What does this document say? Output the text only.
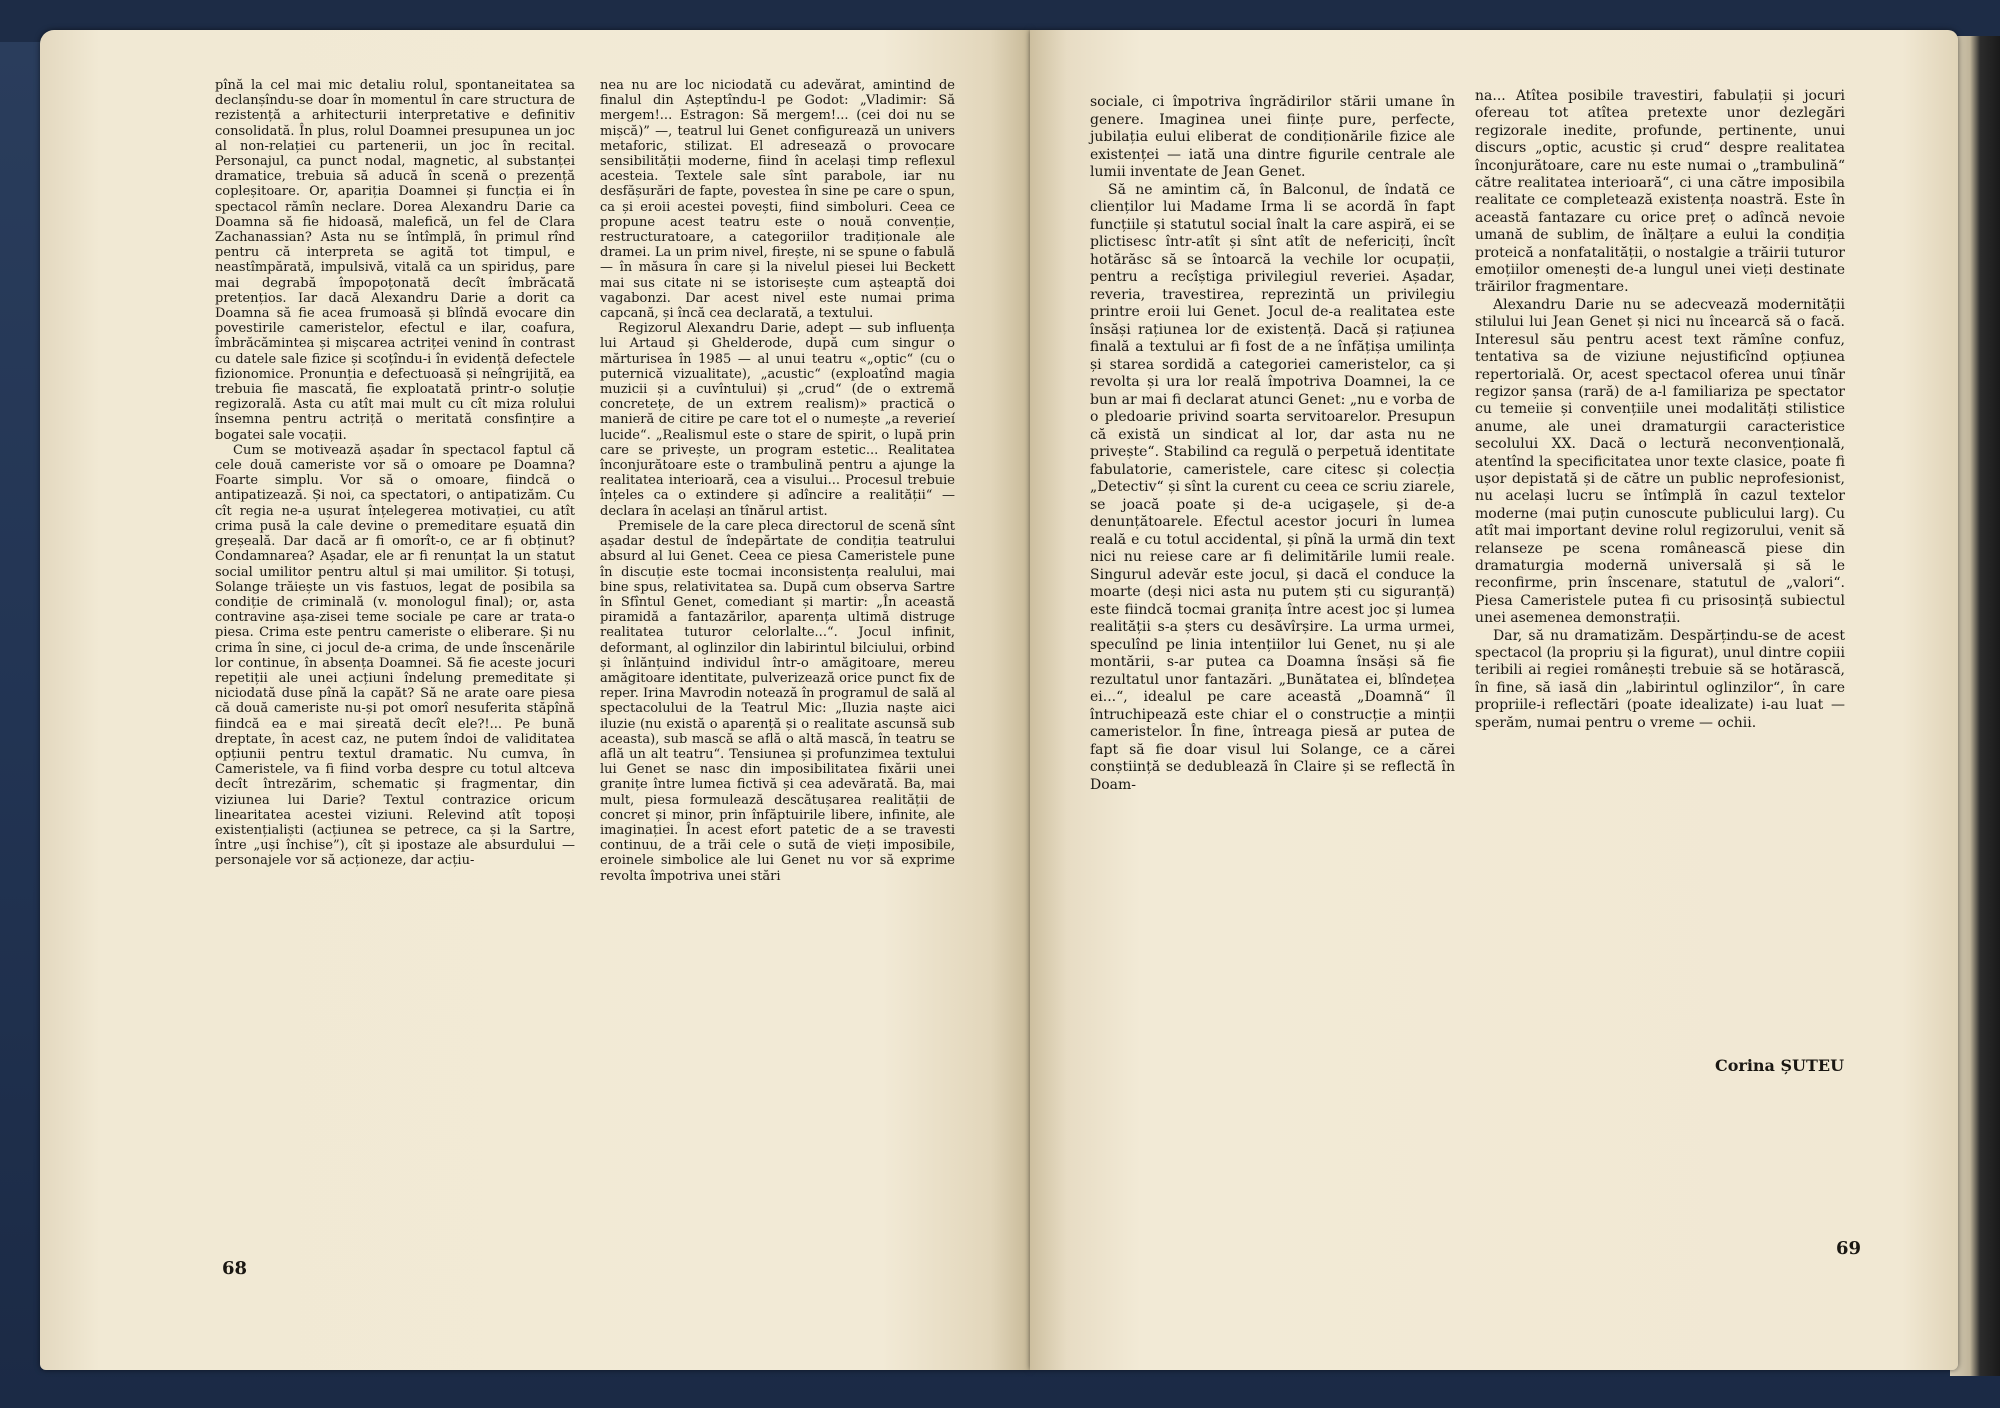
pînă la cel mai mic detaliu rolul, spontaneitatea sa declanșîndu-se doar în momentul în care structura de rezistență a arhitecturii interpretative e definitiv consolidată. În plus, rolul Doamnei presupunea un joc al non-relației cu partenerii, un joc în recital. Personajul, ca punct nodal, magnetic, al substanței dramatice, trebuia să aducă în scenă o prezență copleșitoare. Or, apariția Doamnei și funcția ei în spectacol rămîn neclare. Dorea Alexandru Darie ca Doamna să fie hidoasă, malefică, un fel de Clara Zachanassian? Asta nu se întîmplă, în primul rînd pentru că interpreta se agită tot timpul, e neastîmpărată, impulsivă, vitală ca un spiriduș, pare mai degrabă împopoțonată decît îmbrăcată pretențios. Iar dacă Alexandru Darie a dorit ca Doamna să fie acea frumoasă și blîndă evocare din povestirile cameristelor, efectul e ilar, coafura, îmbrăcămintea și mișcarea actriței venind în contrast cu datele sale fizice și scoțîndu-i în evidență defectele fizionomice. Pronunția e defectuoasă și neîngrijită, ea trebuia fie mascată, fie exploatată printr-o soluție regizorală. Asta cu atît mai mult cu cît miza rolului însemna pentru actriță o meritată consfințire a bogatei sale vocații.

Cum se motivează așadar în spectacol faptul că cele două cameriste vor să o omoare pe Doamna? Foarte simplu. Vor să o omoare, fiindcă o antipatizează. Și noi, ca spectatori, o antipatizăm. Cu cît regia ne-a ușurat înțelegerea motivației, cu atît crima pusă la cale devine o premeditare eșuată din greșeală. Dar dacă ar fi omorît-o, ce ar fi obținut? Condamnarea? Așadar, ele ar fi renunțat la un statut social umilitor pentru altul și mai umilitor. Și totuși, Solange trăiește un vis fastuos, legat de posibila sa condiție de criminală (v. monologul final); or, asta contravine așa-zisei teme sociale pe care ar trata-o piesa. Crima este pentru cameriste o eliberare. Și nu crima în sine, ci jocul de-a crima, de unde înscenările lor continue, în absența Doamnei. Să fie aceste jocuri repetiții ale unei acțiuni îndelung premeditate și niciodată duse pînă la capăt? Să ne arate oare piesa că două cameriste nu-și pot omorî nesuferita stăpînă fiindcă ea e mai șireată decît ele?!... Pe bună dreptate, în acest caz, ne putem îndoi de validitatea opțiunii pentru textul dramatic. Nu cumva, în Cameristele, va fi fiind vorba despre cu totul altceva decît întrezărim, schematic și fragmentar, din viziunea lui Darie? Textul contrazice oricum linearitatea acestei viziuni. Relevind atît topoși existențialiști (acțiunea se petrece, ca și la Sartre, între „uși închise”), cît și ipostaze ale absurdului — personajele vor să acționeze, dar acțiu-

nea nu are loc niciodată cu adevărat, amintind de finalul din Așteptîndu-l pe Godot: „Vladimir: Să mergem!... Estragon: Să mergem!... (cei doi nu se mișcă)” —, teatrul lui Genet configurează un univers metaforic, stilizat. El adresează o provocare sensibilității moderne, fiind în același timp reflexul acesteia. Textele sale sînt parabole, iar nu desfășurări de fapte, povestea în sine pe care o spun, ca și eroii acestei povești, fiind simboluri. Ceea ce propune acest teatru este o nouă convenție, restructuratoare, a categoriilor tradiționale ale dramei. La un prim nivel, firește, ni se spune o fabulă — în măsura în care și la nivelul piesei lui Beckett mai sus citate ni se istorisește cum așteaptă doi vagabonzi. Dar acest nivel este numai prima capcană, și încă cea declarată, a textului.

Regizorul Alexandru Darie, adept — sub influența lui Artaud și Ghelderode, după cum singur o mărturisea în 1985 — al unui teatru «„optic“ (cu o puternică vizualitate), „acustic“ (exploatînd magia muzicii și a cuvîntului) și „crud“ (de o extremă concretețe, de un extrem realism)» practică o manieră de citire pe care tot el o numește „a reverieí lucide“. „Realismul este o stare de spirit, o lupă prin care se privește, un program estetic... Realitatea înconjurătoare este o trambulină pentru a ajunge la realitatea interioară, cea a visului... Procesul trebuie înțeles ca o extindere și adîncire a realității“ — declara în același an tînărul artist.

Premisele de la care pleca directorul de scenă sînt așadar destul de îndepărtate de condiția teatrului absurd al lui Genet. Ceea ce piesa Cameristele pune în discuție este tocmai inconsistența realului, mai bine spus, relativitatea sa. După cum observa Sartre în Sfîntul Genet, comediant și martir: „În această piramidă a fantazărilor, aparența ultimă distruge realitatea tuturor celorlalte...“. Jocul infinit, deformant, al oglinzilor din labirintul bilciului, orbind și înlănțuind individul într-o amăgitoare, mereu amăgitoare identitate, pulverizează orice punct fix de reper. Irina Mavrodin notează în programul de sală al spectacolului de la Teatrul Mic: „Iluzia naște aici iluzie (nu există o aparență și o realitate ascunsă sub aceasta), sub mască se află o altă mască, în teatru se află un alt teatru“. Tensiunea și profunzimea textului lui Genet se nasc din imposibilitatea fixării unei granițe între lumea fictivă și cea adevărată. Ba, mai mult, piesa formulează descătușarea realității de concret și minor, prin înfăptuirile libere, infinite, ale imaginației. În acest efort patetic de a se travesti continuu, de a trăi cele o sută de vieți imposibile, eroinele simbolice ale lui Genet nu vor să exprime revolta împotriva unei stări

sociale, ci împotriva îngrădirilor stării umane în genere. Imaginea unei ființe pure, perfecte, jubilația eului eliberat de condiționările fizice ale existenței — iată una dintre figurile centrale ale lumii inventate de Jean Genet.

Să ne amintim că, în Balconul, de îndată ce clienților lui Madame Irma li se acordă în fapt funcțiile și statutul social înalt la care aspiră, ei se plictisesc într-atît și sînt atît de nefericiți, încît hotărăsc să se întoarcă la vechile lor ocupații, pentru a recîștiga privilegiul reveriei. Așadar, reveria, travestirea, reprezintă un privilegiu printre eroii lui Genet. Jocul de-a realitatea este însăși rațiunea lor de existență. Dacă și rațiunea finală a textului ar fi fost de a ne înfățișa umilința și starea sordidă a categoriei cameristelor, ca și revolta și ura lor reală împotriva Doamnei, la ce bun ar mai fi declarat atunci Genet: „nu e vorba de o pledoarie privind soarta servitoarelor. Presupun că există un sindicat al lor, dar asta nu ne privește“. Stabilind ca regulă o perpetuă identitate fabulatorie, cameristele, care citesc și colecția „Detectiv“ și sînt la curent cu ceea ce scriu ziarele, se joacă poate și de-a ucigașele, și de-a denunțătoarele. Efectul acestor jocuri în lumea reală e cu totul accidental, și pînă la urmă din text nici nu reiese care ar fi delimitările lumii reale. Singurul adevăr este jocul, și dacă el conduce la moarte (deși nici asta nu putem ști cu siguranță) este fiindcă tocmai granița între acest joc și lumea realității s-a șters cu desăvîrșire. La urma urmei, speculînd pe linia intențiilor lui Genet, nu și ale montării, s-ar putea ca Doamna însăși să fie rezultatul unor fantazări. „Bunătatea ei, blîndețea ei...“, idealul pe care această „Doamnă“ îl întruchipează este chiar el o construcție a minții cameristelor. În fine, întreaga piesă ar putea de fapt să fie doar visul lui Solange, ce a cărei conștiință se dedublează în Claire și se reflectă în Doam-

na... Atîtea posibile travestiri, fabulații și jocuri ofereau tot atîtea pretexte unor dezlegări regizorale inedite, profunde, pertinente, unui discurs „optic, acustic și crud“ despre realitatea înconjurătoare, care nu este numai o „trambulină“ către realitatea interioară“, ci una către imposibila realitate ce completează existența noastră. Este în această fantazare cu orice preț o adîncă nevoie umană de sublim, de înălțare a eului la condiția proteică a nonfatalității, o nostalgie a trăirii tuturor emoțiilor omenești de-a lungul unei vieți destinate trăirilor fragmentare.

Alexandru Darie nu se adecvează modernității stilului lui Jean Genet și nici nu încearcă să o facă. Interesul său pentru acest text rămîne confuz, tentativa sa de viziune nejustificînd opțiunea repertorială. Or, acest spectacol oferea unui tînăr regizor șansa (rară) de a-l familiariza pe spectator cu temeiie și convențiile unei modalități stilistice anume, ale unei dramaturgii caracteristice secolului XX. Dacă o lectură neconvențională, atentînd la specificitatea unor texte clasice, poate fi ușor depistată și de către un public neprofesionist, nu același lucru se întîmplă în cazul textelor moderne (mai puțin cunoscute publicului larg). Cu atît mai important devine rolul regizorului, venit să relanseze pe scena românească piese din dramaturgia modernă universală și să le reconfirme, prin înscenare, statutul de „valori“. Piesa Cameristele putea fi cu prisosință subiectul unei asemenea demonstrații.

Dar, să nu dramatizăm. Despărțindu-se de acest spectacol (la propriu și la figurat), unul dintre copiii teribili ai regiei românești trebuie să se hotărască, în fine, să iasă din „labirintul oglinzilor“, în care propriile-i reflectări (poate idealizate) i-au luat — sperăm, numai pentru o vreme — ochii.

Corina ȘUTEU
68
69
